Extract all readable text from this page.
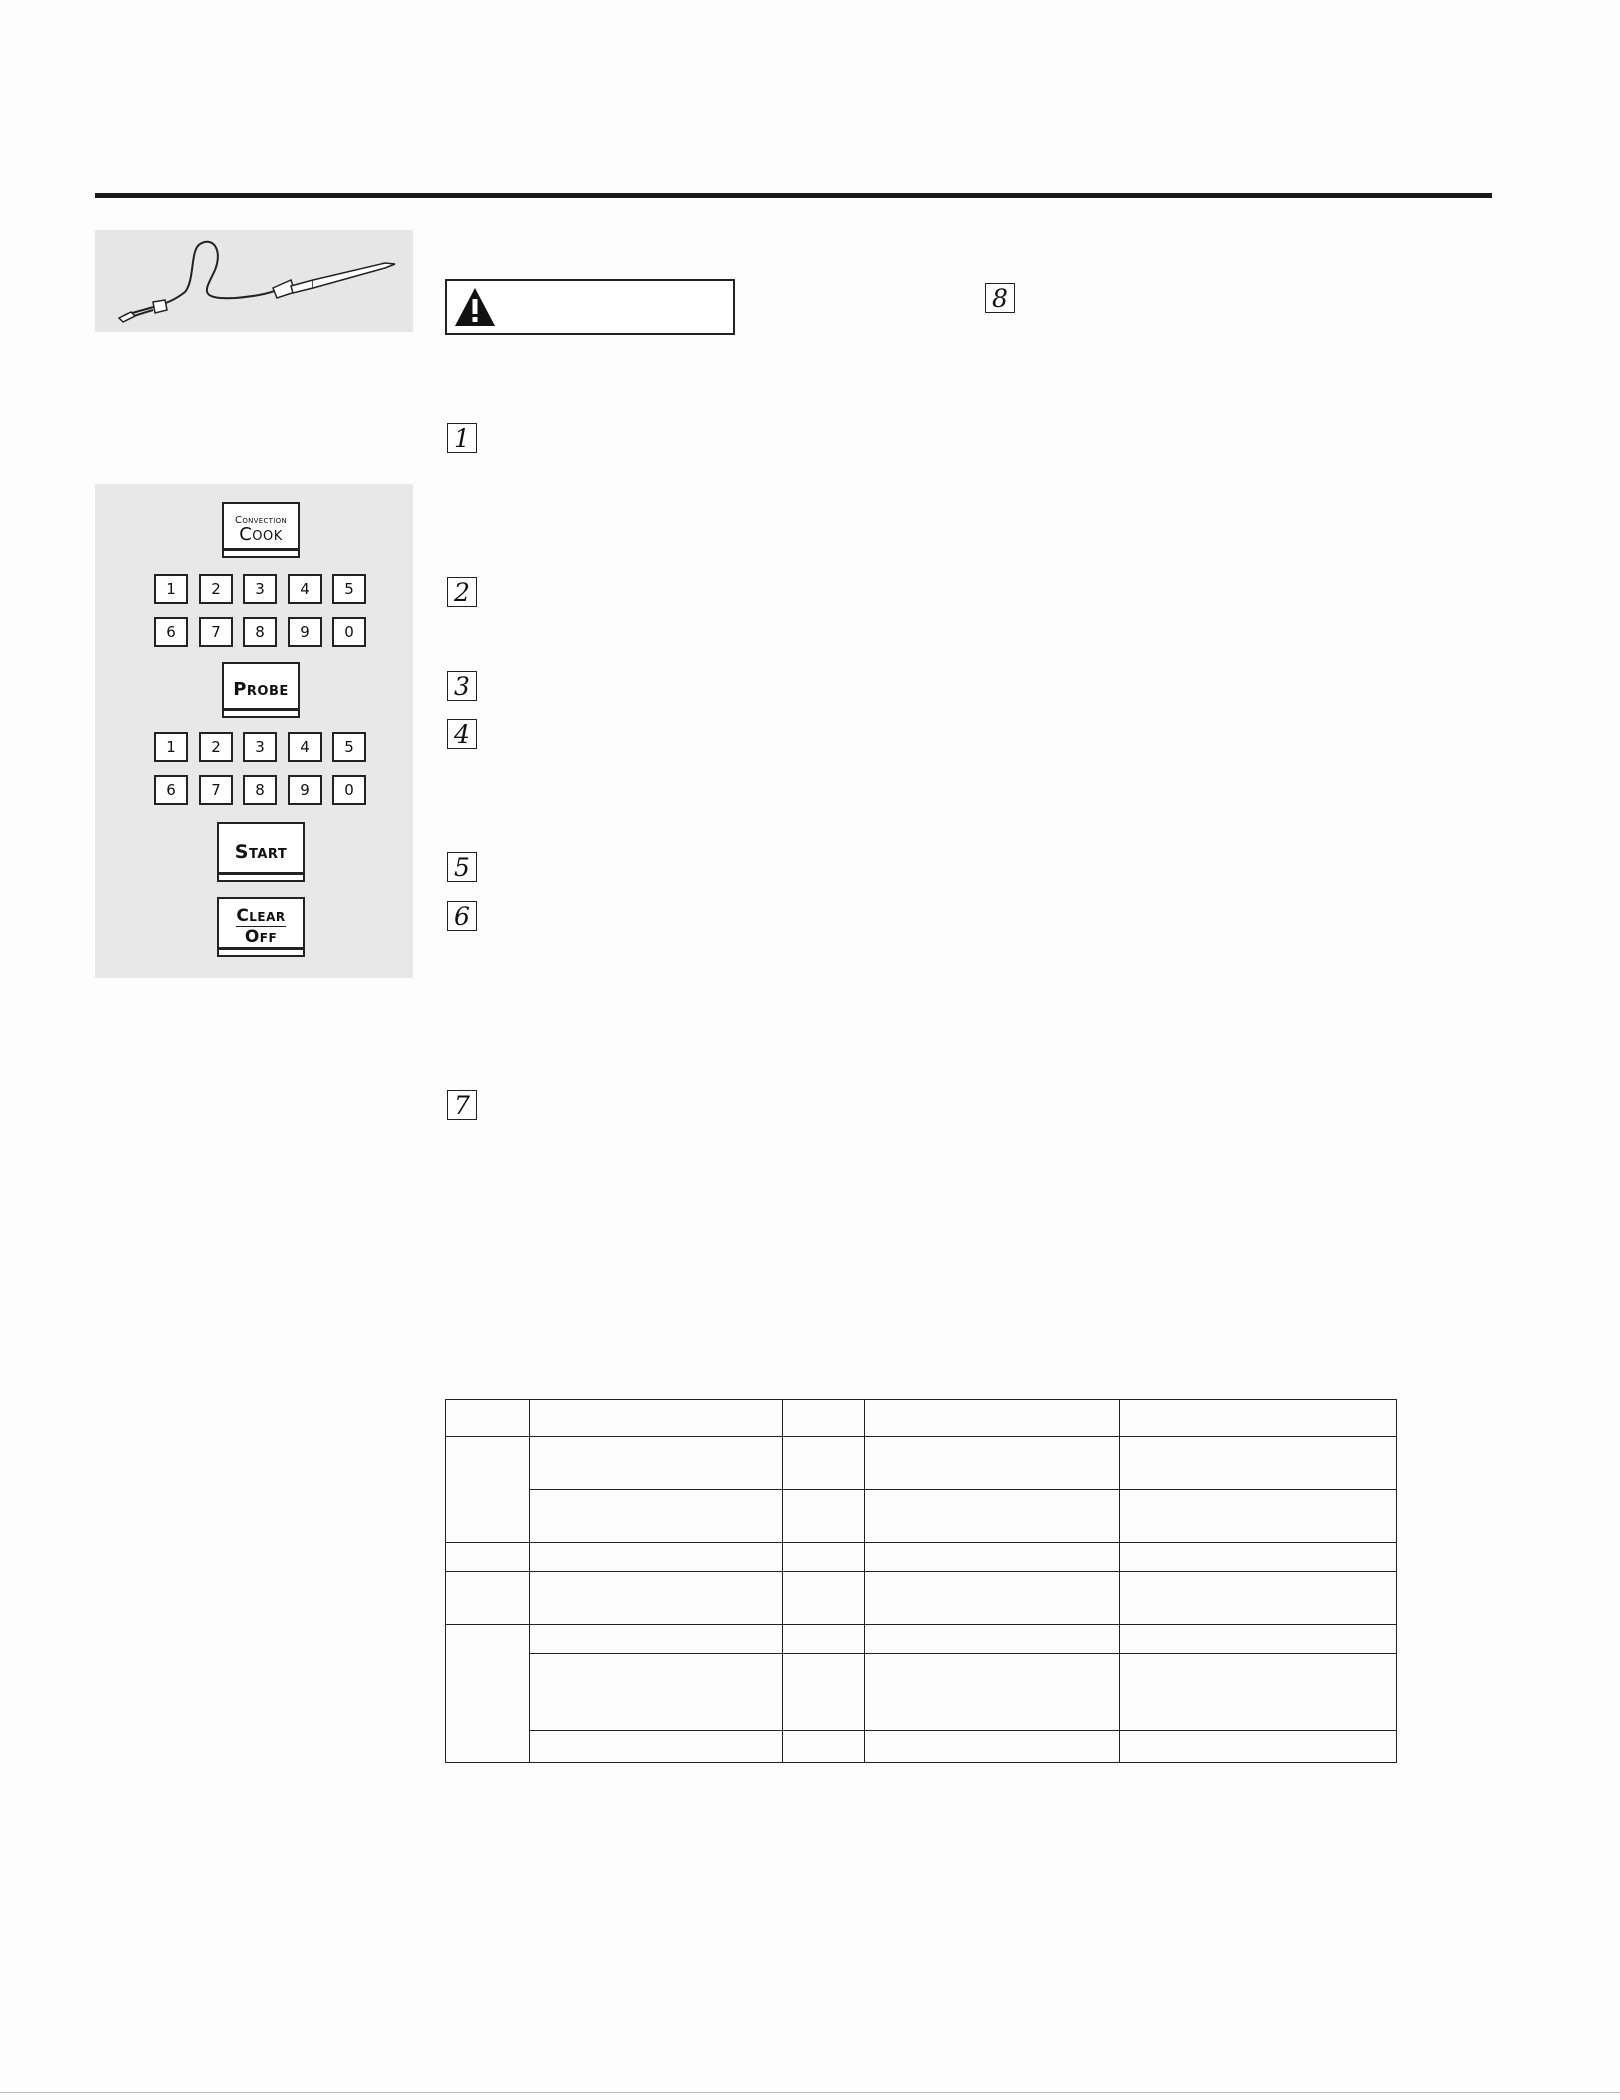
Convection
Cook
1	2	3	4	5
6	7	8	9	0
Probe
1	2	3	4	5
6	7	8	9	0
Start
Clear
Off
8
1
2
3
4
5
6
7
